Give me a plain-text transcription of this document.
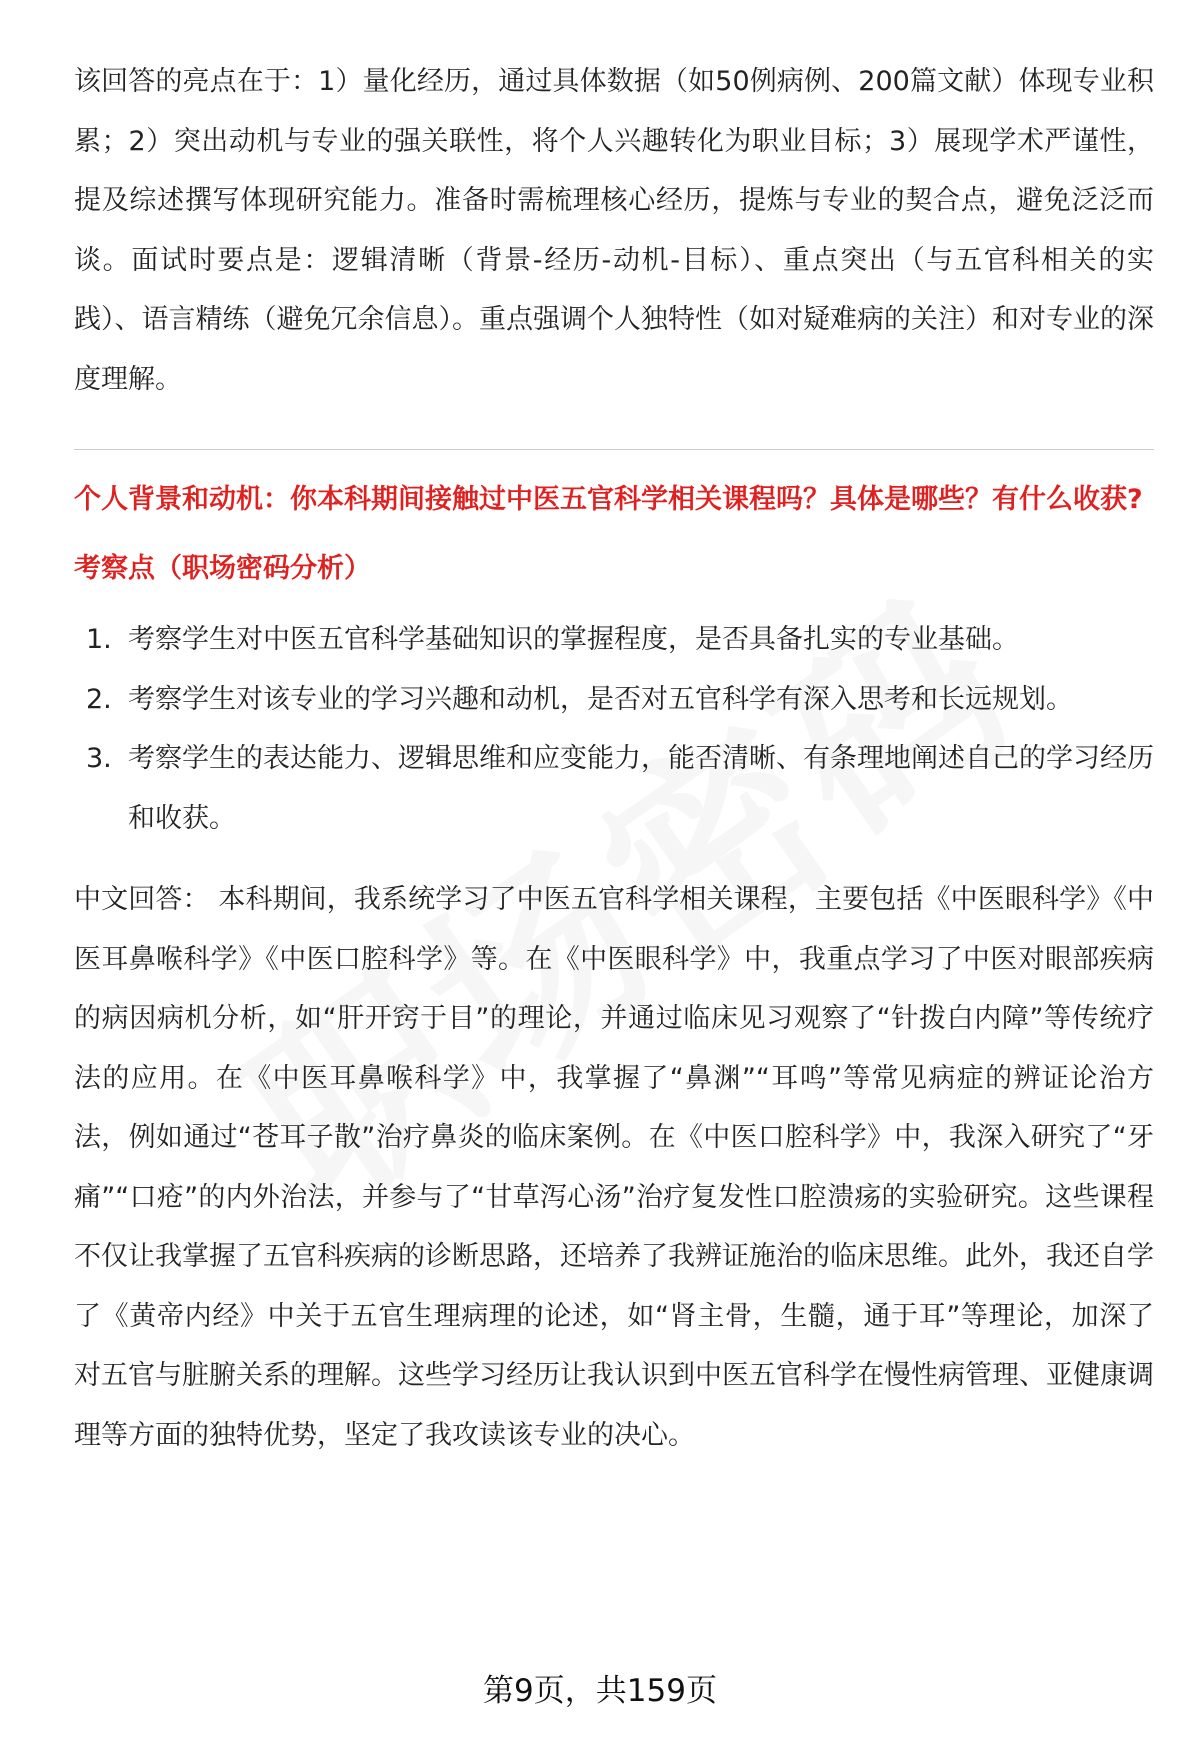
该回答的亮点在于：1）量化经历，通过具体数据（如50例病例、200篇文献）体现专业积累；2）突出动机与专业的强关联性，将个人兴趣转化为职业目标；3）展现学术严谨性，提及综述撰写体现研究能力。准备时需梳理核心经历，提炼与专业的契合点，避免泛泛而谈。面试时要点是：逻辑清晰（背景-经历-动机-目标）、重点突出（与五官科相关的实践）、语言精练（避免冗余信息）。重点强调个人独特性（如对疑难病的关注）和对专业的深度理解。

个人背景和动机：你本科期间接触过中医五官科学相关课程吗？具体是哪些？有什么收获?
考察点（职场密码分析）
1. 考察学生对中医五官科学基础知识的掌握程度，是否具备扎实的专业基础。
2. 考察学生对该专业的学习兴趣和动机，是否对五官科学有深入思考和长远规划。
3. 考察学生的表达能力、逻辑思维和应变能力，能否清晰、有条理地阐述自己的学习经历和收获。

中文回答： 本科期间，我系统学习了中医五官科学相关课程，主要包括《中医眼科学》《中医耳鼻喉科学》《中医口腔科学》等。在《中医眼科学》中，我重点学习了中医对眼部疾病的病因病机分析，如“肝开窍于目”的理论，并通过临床见习观察了“针拨白内障”等传统疗法的应用。在《中医耳鼻喉科学》中，我掌握了“鼻渊”“耳鸣”等常见病症的辨证论治方法，例如通过“苍耳子散”治疗鼻炎的临床案例。在《中医口腔科学》中，我深入研究了“牙痛”“口疮”的内外治法，并参与了“甘草泻心汤”治疗复发性口腔溃疡的实验研究。这些课程不仅让我掌握了五官科疾病的诊断思路，还培养了我辨证施治的临床思维。此外，我还自学了《黄帝内经》中关于五官生理病理的论述，如“肾主骨，生髓，通于耳”等理论，加深了对五官与脏腑关系的理解。这些学习经历让我认识到中医五官科学在慢性病管理、亚健康调理等方面的独特优势，坚定了我攻读该专业的决心。

第9页，共159页
